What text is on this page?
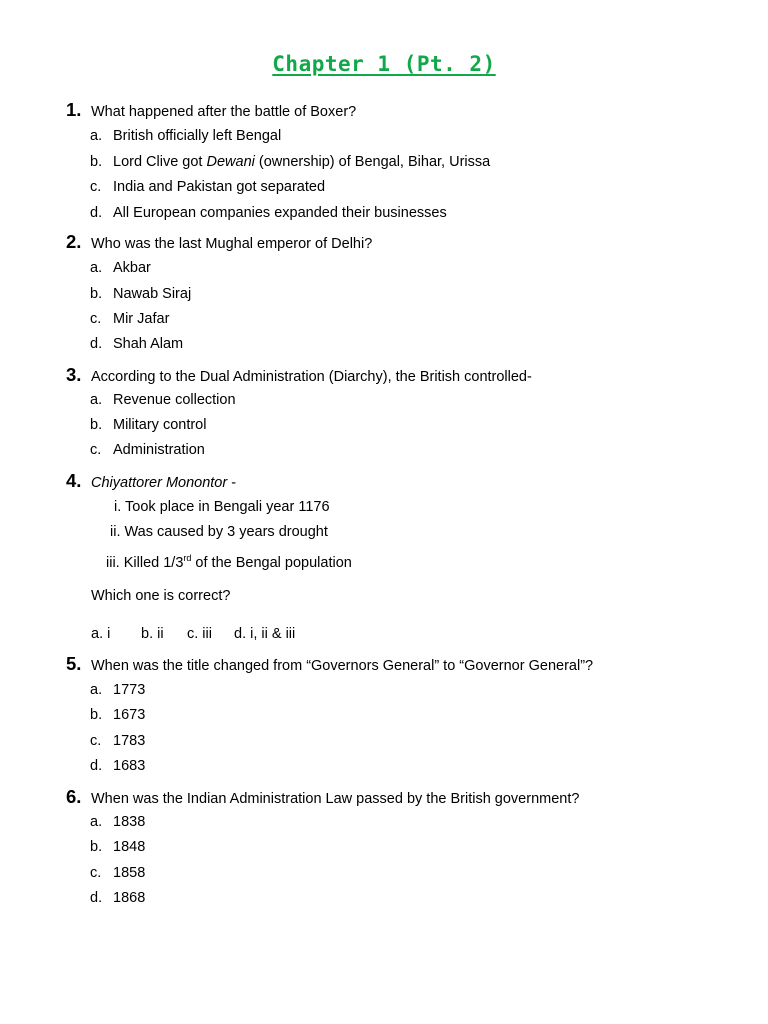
Chapter 1 (Pt. 2)
1. What happened after the battle of Boxer?
a. British officially left Bengal
b. Lord Clive got Dewani (ownership) of Bengal, Bihar, Urissa
c. India and Pakistan got separated
d. All European companies expanded their businesses
2. Who was the last Mughal emperor of Delhi?
a. Akbar
b. Nawab Siraj
c. Mir Jafar
d. Shah Alam
3. According to the Dual Administration (Diarchy), the British controlled-
a. Revenue collection
b. Military control
c. Administration
4. Chiyattorer Monontor -
i. Took place in Bengali year 1176
ii. Was caused by 3 years drought
iii. Killed 1/3rd of the Bengal population
Which one is correct?
a. i b. ii c. iii d. i, ii & iii
5. When was the title changed from “Governors General” to “Governor General”?
a. 1773
b. 1673
c. 1783
d. 1683
6. When was the Indian Administration Law passed by the British government?
a. 1838
b. 1848
c. 1858
d. 1868
